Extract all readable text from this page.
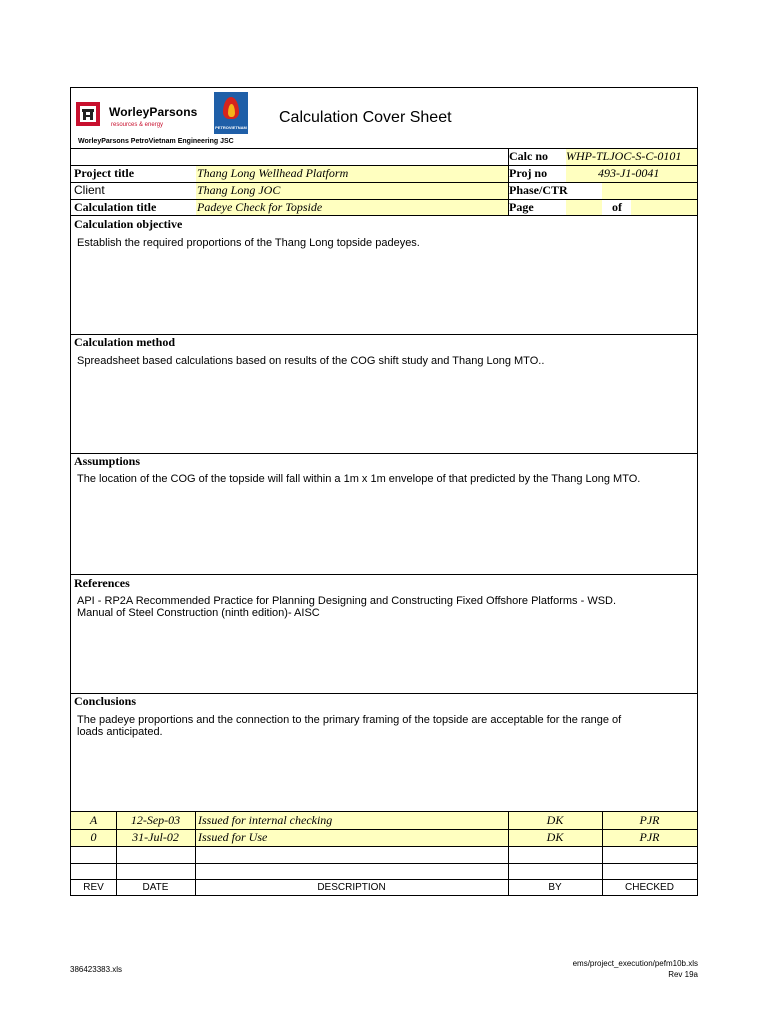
WorleyParsons
resources & energy	PETROVIETNAM
WorleyParsons PetroVietnam Engineering JSC
Calculation Cover Sheet
Calc no WHP-TLJOC-S-C-0101
Project title	Thang Long Wellhead Platform	Proj no	493-J1-0041
Client	Thang Long JOC	Phase/CTR
Calculation title	Padeye Check for Topside	Page	of
Calculation objective
Establish the required proportions of the Thang Long topside padeyes.
Calculation method
Spreadsheet based calculations based on results of the COG shift study and Thang Long MTO..
Assumptions
The location of the COG of the topside will fall within a 1m x 1m envelope of that predicted by the Thang Long MTO.
References
API - RP2A Recommended Practice for Planning Designing and Constructing Fixed Offshore Platforms - WSD.
Manual of Steel Construction (ninth edition)- AISC
Conclusions
The padeye proportions and the connection to the primary framing of the topside are acceptable for the range of
loads anticipated.
A	12-Sep-03	Issued for internal checking	DK	PJR
0	31-Jul-02	Issued for Use	DK	PJR
REV	DATE	DESCRIPTION	BY	CHECKED
386423383.xls
ems/project_execution/pefm10b.xls
Rev 19a
